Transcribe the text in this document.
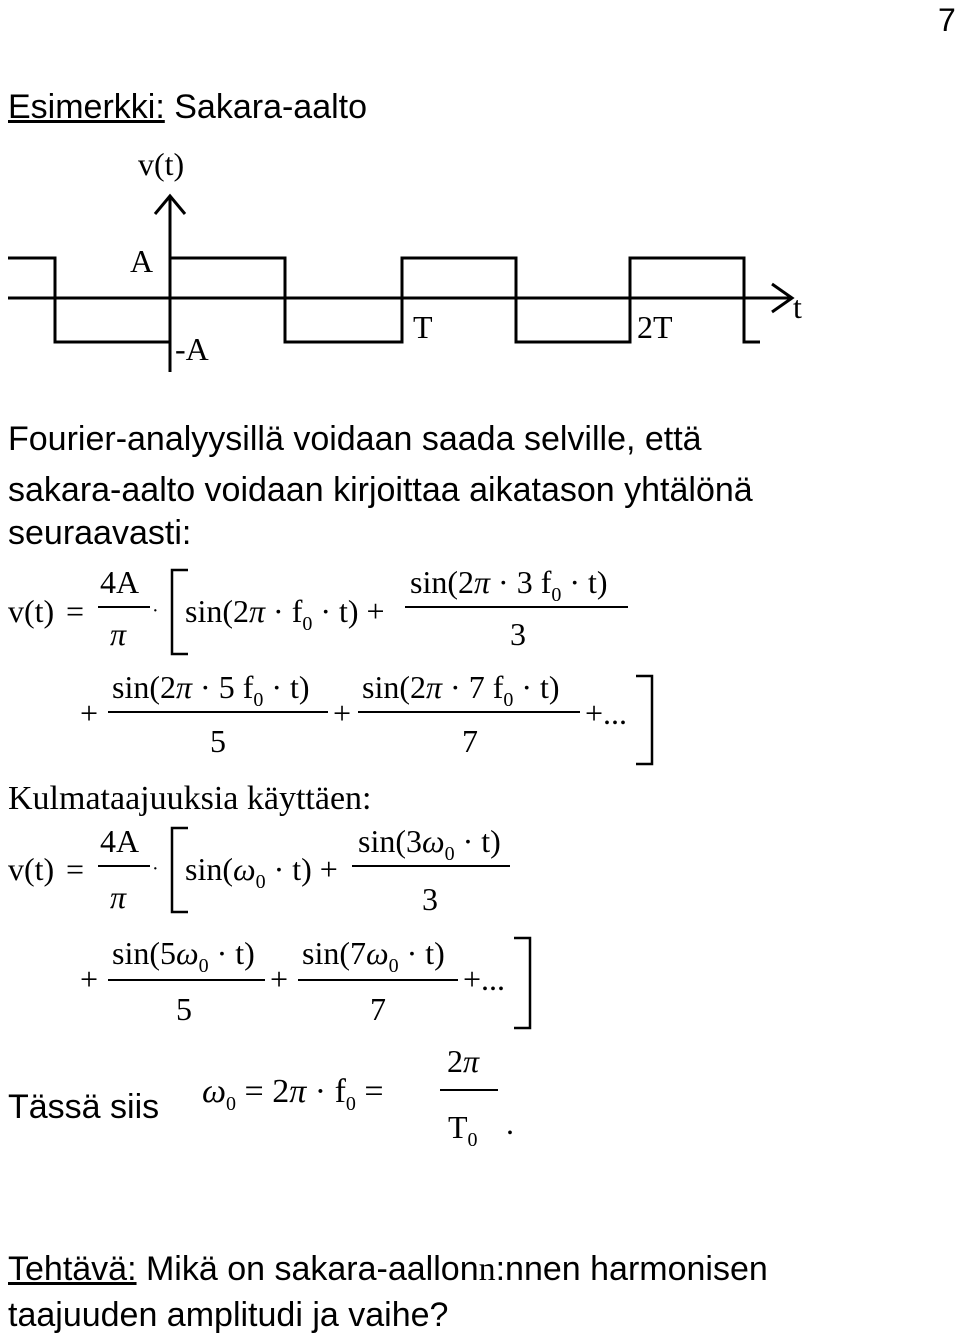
7
Esimerkki: Sakara-aalto
v(t)
t
A
-A
T	2T
v(t) =
4A
π
· $\sin(2\pi \cdot f_0 \cdot t)$ +
sin(2π · 3 $f_0 \cdot t$)
3
+
sin(2π · 5 $f_0 \cdot t$)
5
+
sin(2π · 7 $f_0 \cdot t$)
7
+...
v(t) =
4A
π
· $\sin(\omega_0 \cdot t)$ +
$\sin(3\omega_0 \cdot t)$
3
+
$\sin(5\omega_0 \cdot t)$
5
+
$\sin(7\omega_0 \cdot t)$
7
+...
$\omega_0 = 2\pi \cdot f_0$ =
2π
$T_0$ .
Fourier-analyysillä voidaan saada selville, että
sakara-aalto voidaan kirjoittaa aikatason yhtälönä
seuraavasti:
Kulmataajuuksia käyttäen:
Tässä siis
Tehtävä: Mikä on sakara-aallonn:nnen harmonisen
taajuuden amplitudi ja vaihe?
